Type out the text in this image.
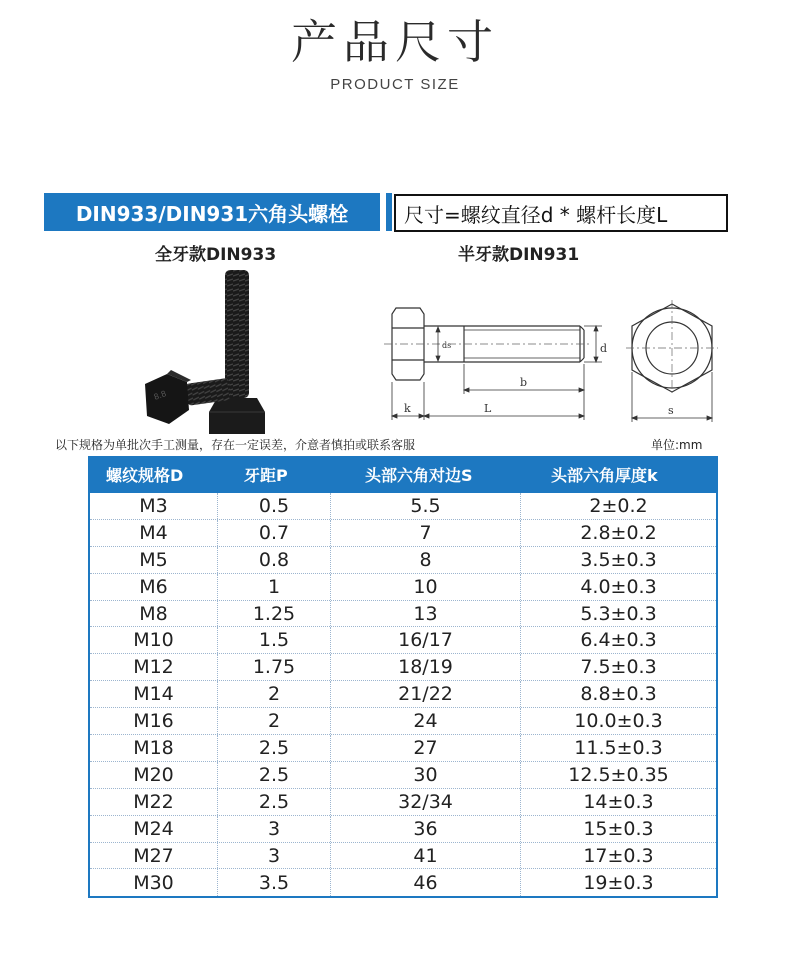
产品尺寸
PRODUCT SIZE
DIN933/DIN931六角头螺栓	尺寸=螺纹直径d * 螺杆长度L
全牙款DIN933	半牙款DIN931
8.8
ds	d
b
k	L	s
以下规格为单批次手工测量，存在一定误差，介意者慎拍或联系客服	单位:mm
螺纹规格D	牙距P	头部六角对边S	头部六角厚度k
M3	0.5	5.5	2±0.2
M4	0.7	7	2.8±0.2
M5	0.8	8	3.5±0.3
M6	1	10	4.0±0.3
M8	1.25	13	5.3±0.3
M10	1.5	16/17	6.4±0.3
M12	1.75	18/19	7.5±0.3
M14	2	21/22	8.8±0.3
M16	2	24	10.0±0.3
M18	2.5	27	11.5±0.3
M20	2.5	30	12.5±0.35
M22	2.5	32/34	14±0.3
M24	3	36	15±0.3
M27	3	41	17±0.3
M30	3.5	46	19±0.3
